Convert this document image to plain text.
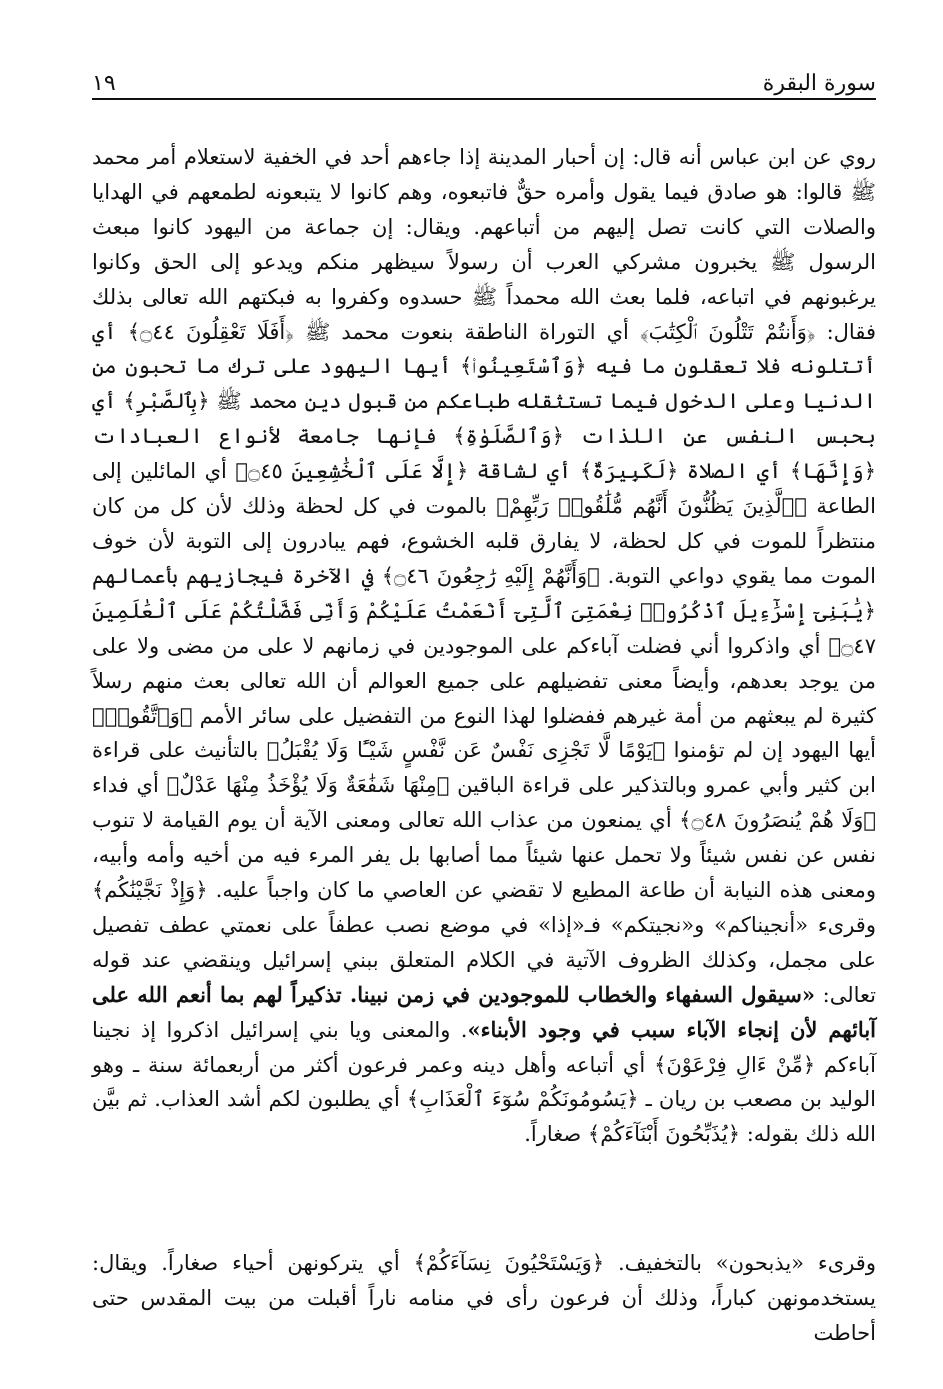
سورة البقرة
١٩

روي عن ابن عباس أنه قال: إن أحبار المدينة إذا جاءهم أحد في الخفية لاستعلام أمر محمد ﷺ قالوا: هو صادق فيما يقول وأمره حقٌّ فاتبعوه، وهم كانوا لا يتبعونه لطمعهم في الهدايا والصلات التي كانت تصل إليهم من أتباعهم. ويقال: إن جماعة من اليهود كانوا مبعث الرسول ﷺ يخبرون مشركي العرب أن رسولاً سيظهر منكم ويدعو إلى الحق وكانوا يرغبونهم في اتباعه، فلما بعث الله محمداً ﷺ حسدوه وكفروا به فبكتهم الله تعالى بذلك فقال: ﴿وَأَنتُمْ تَتْلُونَ ٱلْكِتَٰبَ﴾ أي التوراة الناطقة بنعوت محمد ﷺ ﴿أَفَلَا تَعْقِلُونَ ۝٤٤﴾ أي أتتلونه فلا تعقلون ما فيه ﴿وَٱسْتَعِينُوا۟﴾ أيها اليهود على ترك ما تحبون من الدنيا وعلى الدخول فيما تستثقله طباعكم من قبول دين محمد ﷺ ﴿بِٱلصَّبْرِ﴾ أي بحبس النفس عن اللذات ﴿وَٱلصَّلَوٰةِ﴾ فإنها جامعة لأنواع العبادات ﴿وَإِنَّهَا﴾ أي الصلاة ﴿لَكَبِيرَةٌ﴾ أي لشاقة ﴿إِلَّا عَلَى ٱلْخَٰشِعِينَ ۝٤٥﴾ أي المائلين إلى الطاعة ﴿ٱلَّذِينَ يَظُنُّونَ أَنَّهُم مُّلَٰقُوا۟ رَبِّهِمْ﴾ بالموت في كل لحظة وذلك لأن كل من كان منتظراً للموت في كل لحظة، لا يفارق قلبه الخشوع، فهم يبادرون إلى التوبة لأن خوف الموت مما يقوي دواعي التوبة. ﴿وَأَنَّهُمْ إِلَيْهِ رَٰجِعُونَ ۝٤٦﴾ في الآخرة فيجازيهم بأعمالهم ﴿يَٰبَنِىٓ إِسْرَٰٓءِيلَ ٱذْكُرُوا۟ نِعْمَتِىَ ٱلَّتِىٓ أَنْعَمْتُ عَلَيْكُمْ وَأَنِّى فَضَّلْتُكُمْ عَلَى ٱلْعَٰلَمِينَ ۝٤٧﴾ أي واذكروا أني فضلت آباءكم على الموجودين في زمانهم لا على من مضى ولا على من يوجد بعدهم، وأيضاً معنى تفضيلهم على جميع العوالم أن الله تعالى بعث منهم رسلاً كثيرة لم يبعثهم من أمة غيرهم ففضلوا لهذا النوع من التفضيل على سائر الأمم ﴿وَٱتَّقُوا۟﴾ أيها اليهود إن لم تؤمنوا ﴿يَوْمًا لَّا تَجْزِى نَفْسٌ عَن نَّفْسٍ شَيْـًٔا وَلَا يُقْبَلُ﴾ بالتأنيث على قراءة ابن كثير وأبي عمرو وبالتذكير على قراءة الباقين ﴿مِنْهَا شَفَٰعَةٌ وَلَا يُؤْخَذُ مِنْهَا عَدْلٌ﴾ أي فداء ﴿وَلَا هُمْ يُنصَرُونَ ۝٤٨﴾ أي يمنعون من عذاب الله تعالى ومعنى الآية أن يوم القيامة لا تنوب نفس عن نفس شيئاً ولا تحمل عنها شيئاً مما أصابها بل يفر المرء فيه من أخيه وأمه وأبيه، ومعنى هذه النيابة أن طاعة المطيع لا تقضي عن العاصي ما كان واجباً عليه. ﴿وَإِذْ نَجَّيْنَٰكُم﴾ وقرىء «أنجيناكم» و«نجيتكم» فـ«إذا» في موضع نصب عطفاً على نعمتي عطف تفصيل على مجمل، وكذلك الظروف الآتية في الكلام المتعلق ببني إسرائيل وينقضي عند قوله تعالى: «سيقول السفهاء والخطاب للموجودين في زمن نبينا. تذكيراً لهم بما أنعم الله على آبائهم لأن إنجاء الآباء سبب في وجود الأبناء». والمعنى ويا بني إسرائيل اذكروا إذ نجينا آباءكم ﴿مِّنْ ءَالِ فِرْعَوْنَ﴾ أي أتباعه وأهل دينه وعمر فرعون أكثر من أربعمائة سنة ـ وهو الوليد بن مصعب بن ريان ـ ﴿يَسُومُونَكُمْ سُوٓءَ ٱلْعَذَابِ﴾ أي يطلبون لكم أشد العذاب. ثم بيَّن الله ذلك بقوله: ﴿يُذَبِّحُونَ أَبْنَآءَكُمْ﴾ صغاراً.

وقرىء «يذبحون» بالتخفيف. ﴿وَيَسْتَحْيُونَ نِسَآءَكُمْ﴾ أي يتركونهن أحياء صغاراً. ويقال: يستخدمونهن كباراً، وذلك أن فرعون رأى في منامه ناراً أقبلت من بيت المقدس حتى أحاطت
